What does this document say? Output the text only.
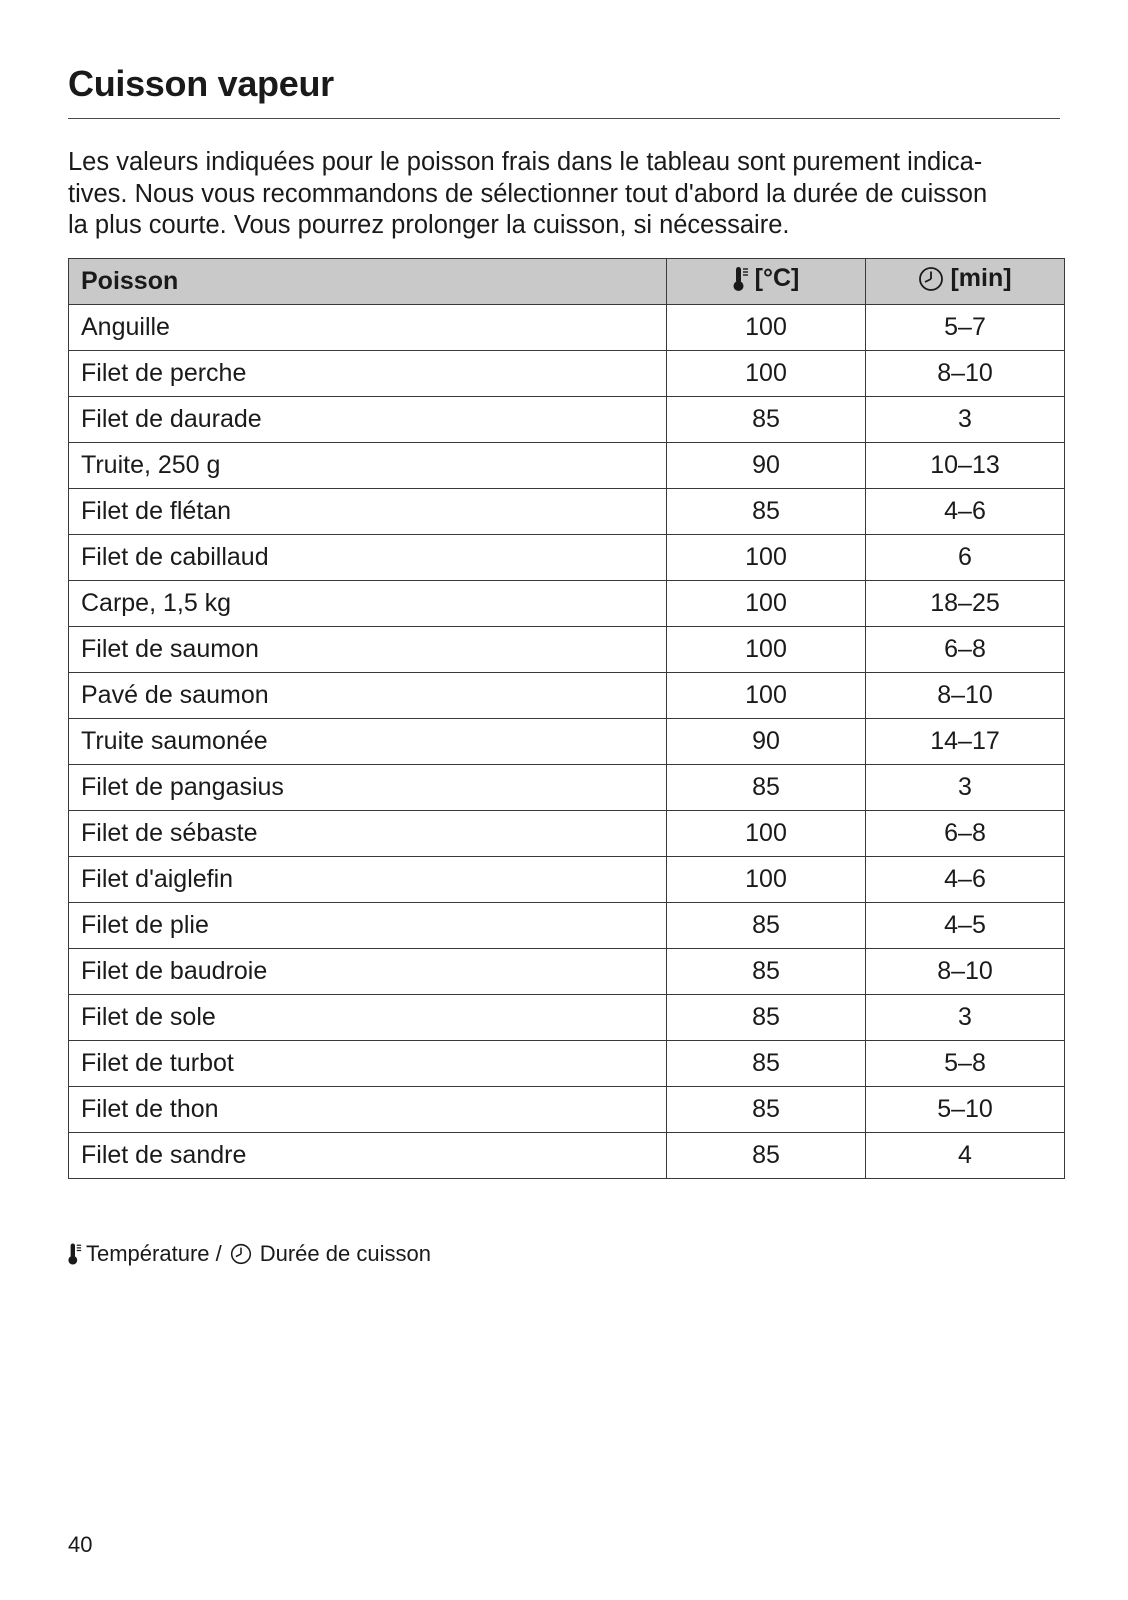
Cuisson vapeur

Les valeurs indiquées pour le poisson frais dans le tableau sont purement indica-
tives. Nous vous recommandons de sélectionner tout d'abord la durée de cuisson
la plus courte. Vous pourrez prolonger la cuisson, si nécessaire.

Poisson	[°C]	[min]

Anguille	100	5–7
Filet de perche	100	8–10
Filet de daurade	85	3
Truite, 250 g	90	10–13
Filet de flétan	85	4–6
Filet de cabillaud	100	6
Carpe, 1,5 kg	100	18–25
Filet de saumon	100	6–8
Pavé de saumon	100	8–10
Truite saumonée	90	14–17
Filet de pangasius	85	3
Filet de sébaste	100	6–8
Filet d'aiglefin	100	4–6
Filet de plie	85	4–5
Filet de baudroie	85	8–10
Filet de sole	85	3
Filet de turbot	85	5–8
Filet de thon	85	5–10
Filet de sandre	85	4
Température / Durée de cuisson
40
